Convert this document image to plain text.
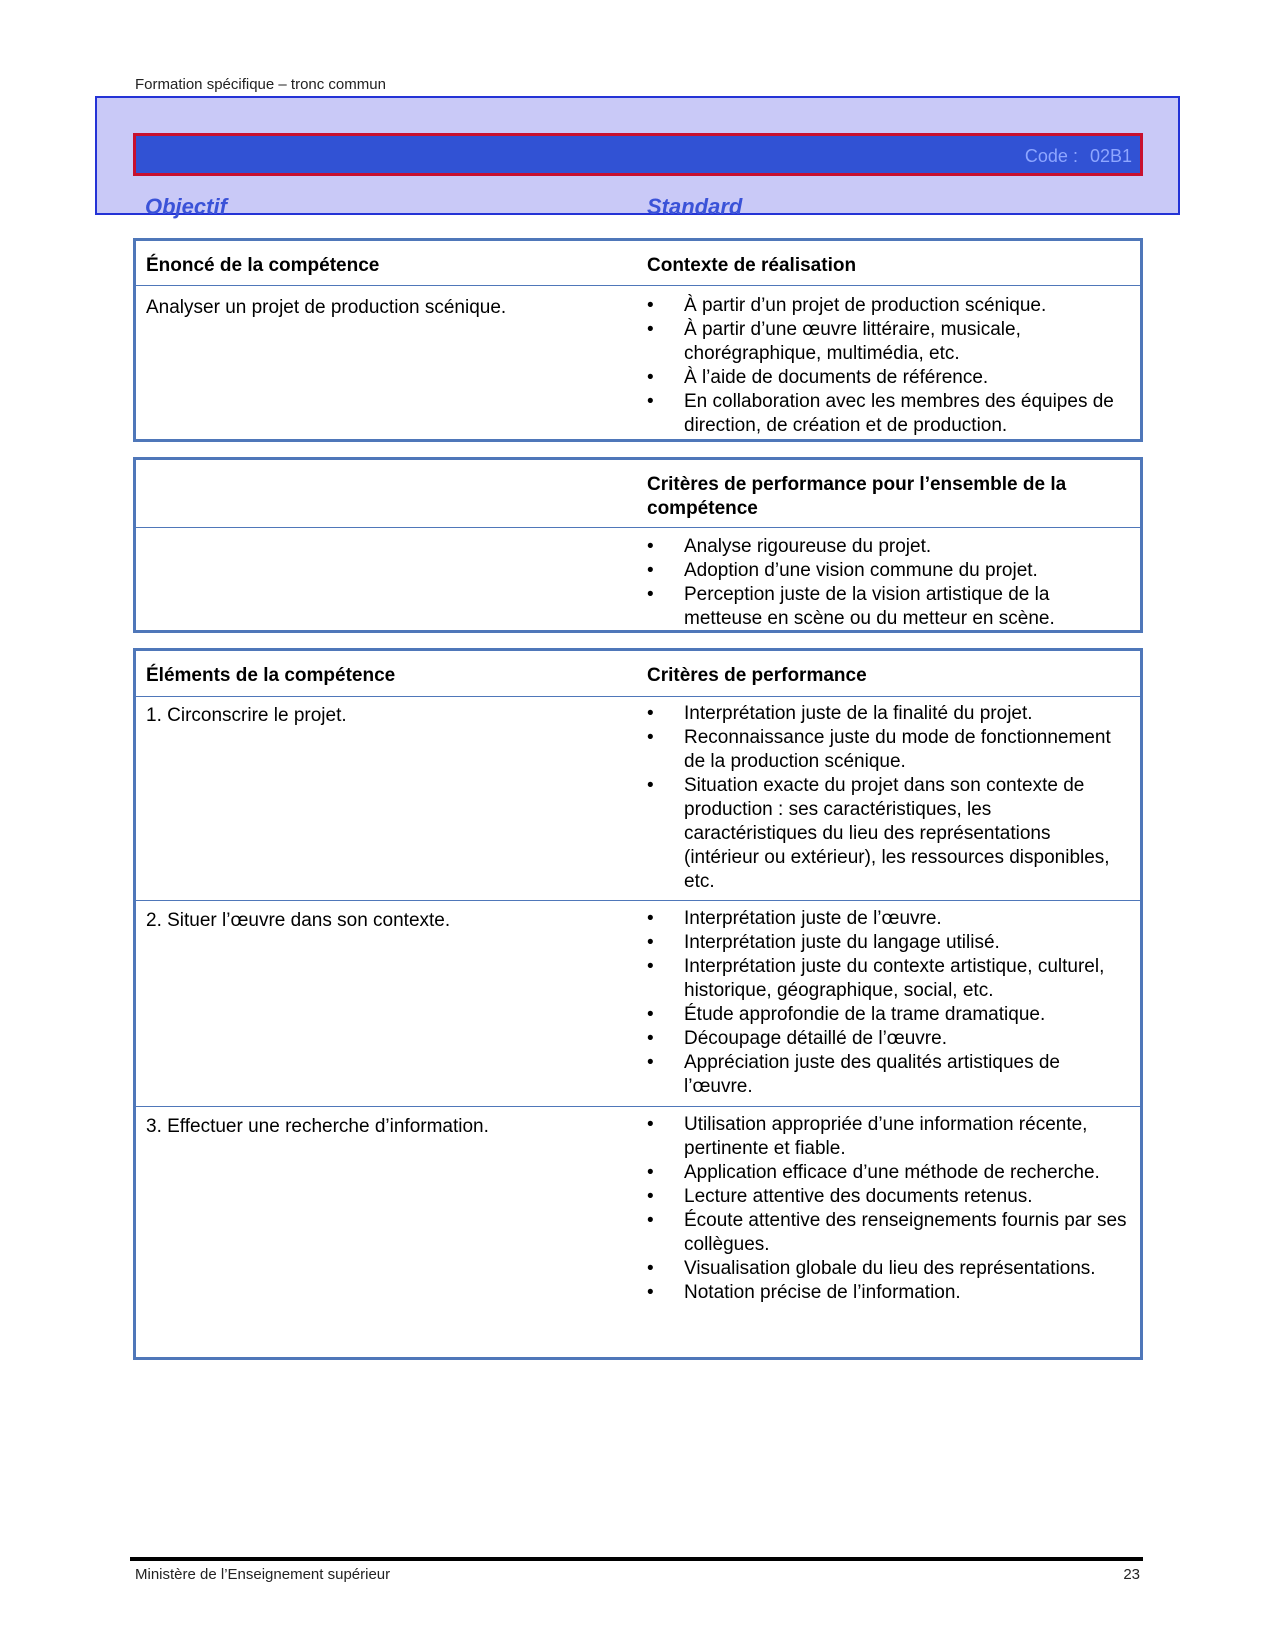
Formation spécifique – tronc commun
Code : 02B1
Objectif	Standard
Énoncé de la compétence	Contexte de réalisation
Analyser un projet de production scénique.	• À partir d’un projet de production scénique.
• À partir d’une œuvre littéraire, musicale, chorégraphique, multimédia, etc.
• À l’aide de documents de référence.
• En collaboration avec les membres des équipes de direction, de création et de production.
Critères de performance pour l’ensemble de la compétence
• Analyse rigoureuse du projet.
• Adoption d’une vision commune du projet.
• Perception juste de la vision artistique de la metteuse en scène ou du metteur en scène.
Éléments de la compétence	Critères de performance
1. Circonscrire le projet.	• Interprétation juste de la finalité du projet.
• Reconnaissance juste du mode de fonctionnement de la production scénique.
• Situation exacte du projet dans son contexte de production : ses caractéristiques, les caractéristiques du lieu des représentations (intérieur ou extérieur), les ressources disponibles, etc.
2. Situer l’œuvre dans son contexte.	• Interprétation juste de l’œuvre.
• Interprétation juste du langage utilisé.
• Interprétation juste du contexte artistique, culturel, historique, géographique, social, etc.
• Étude approfondie de la trame dramatique.
• Découpage détaillé de l’œuvre.
• Appréciation juste des qualités artistiques de l’œuvre.
3. Effectuer une recherche d’information.	• Utilisation appropriée d’une information récente, pertinente et fiable.
• Application efficace d’une méthode de recherche.
• Lecture attentive des documents retenus.
• Écoute attentive des renseignements fournis par ses collègues.
• Visualisation globale du lieu des représentations.
• Notation précise de l’information.
Ministère de l’Enseignement supérieur	23
